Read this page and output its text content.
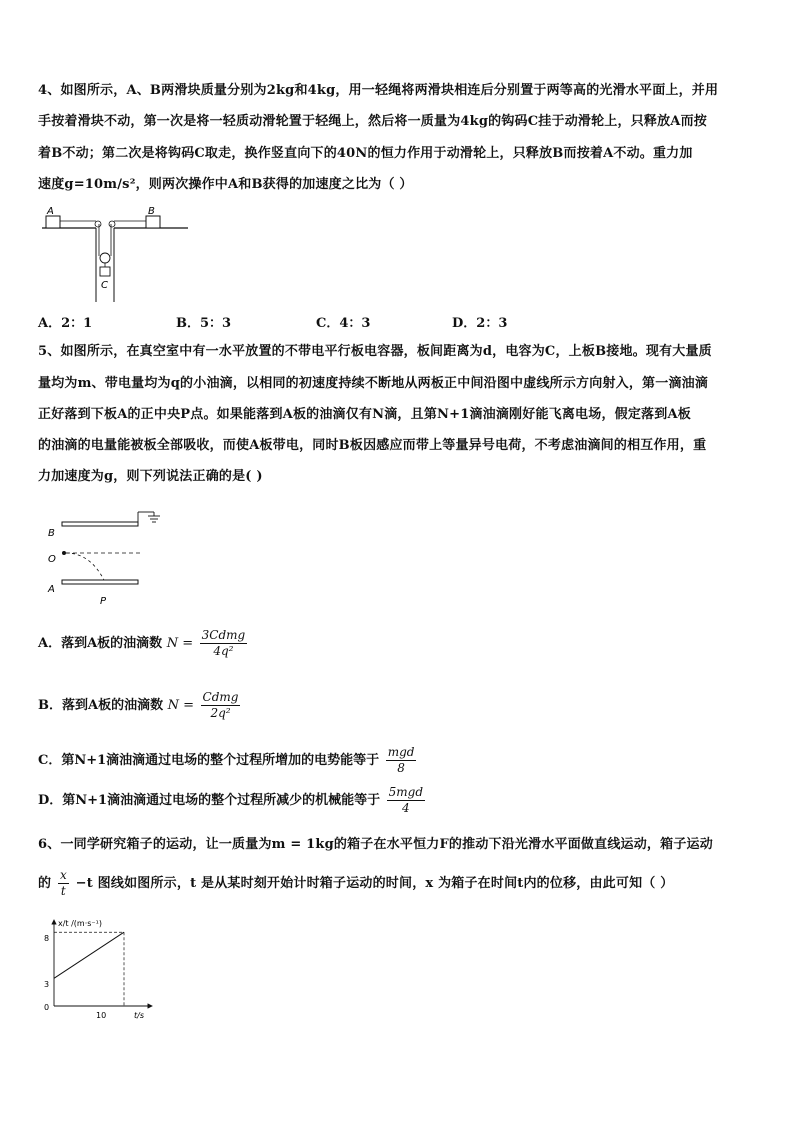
4、如图所示，A、B两滑块质量分别为2kg和4kg，用一轻绳将两滑块相连后分别置于两等高的光滑水平面上，并用
手按着滑块不动，第一次是将一轻质动滑轮置于轻绳上，然后将一质量为4kg的钩码C挂于动滑轮上，只释放A而按
着B不动；第二次是将钩码C取走，换作竖直向下的40N的恒力作用于动滑轮上，只释放B而按着A不动。重力加
速度g=10m/s²，则两次操作中A和B获得的加速度之比为（ ）
A	B
C
A．2：1	B．5：3	C．4：3	D．2：3
5、如图所示，在真空室中有一水平放置的不带电平行板电容器，板间距离为d，电容为C，上板B接地。现有大量质
量均为m、带电量均为q的小油滴，以相同的初速度持续不断地从两板正中间沿图中虚线所示方向射入，第一滴油滴
正好落到下板A的正中央P点。如果能落到A板的油滴仅有N滴，且第N+1滴油滴刚好能飞离电场，假定落到A板
的油滴的电量能被板全部吸收，而使A板带电，同时B板因感应而带上等量异号电荷，不考虑油滴间的相互作用，重
力加速度为g，则下列说法正确的是( )
B
O
A
P
A．落到A板的油滴数 $N = \frac{\text{3Cdmg}}{\text{4q²}}$
B．落到A板的油滴数 $N = \frac{\text{Cdmg}}{\text{2q²}}$
C．第N+1滴油滴通过电场的整个过程所增加的电势能等于 $\frac{\text{mgd}}{8}$
D．第N+1滴油滴通过电场的整个过程所减少的机械能等于 $\frac{\text{5mgd}}{4}$
6、一同学研究箱子的运动，让一质量为m = 1kg的箱子在水平恒力F的推动下沿光滑水平面做直线运动，箱子运动
的 $\frac{x}{t} -t$ 图线如图所示，t 是从某时刻开始计时箱子运动的时间，x 为箱子在时间t内的位移，由此可知（ ）
x/t /(m·s⁻¹)
t/s
0
3
8
10
